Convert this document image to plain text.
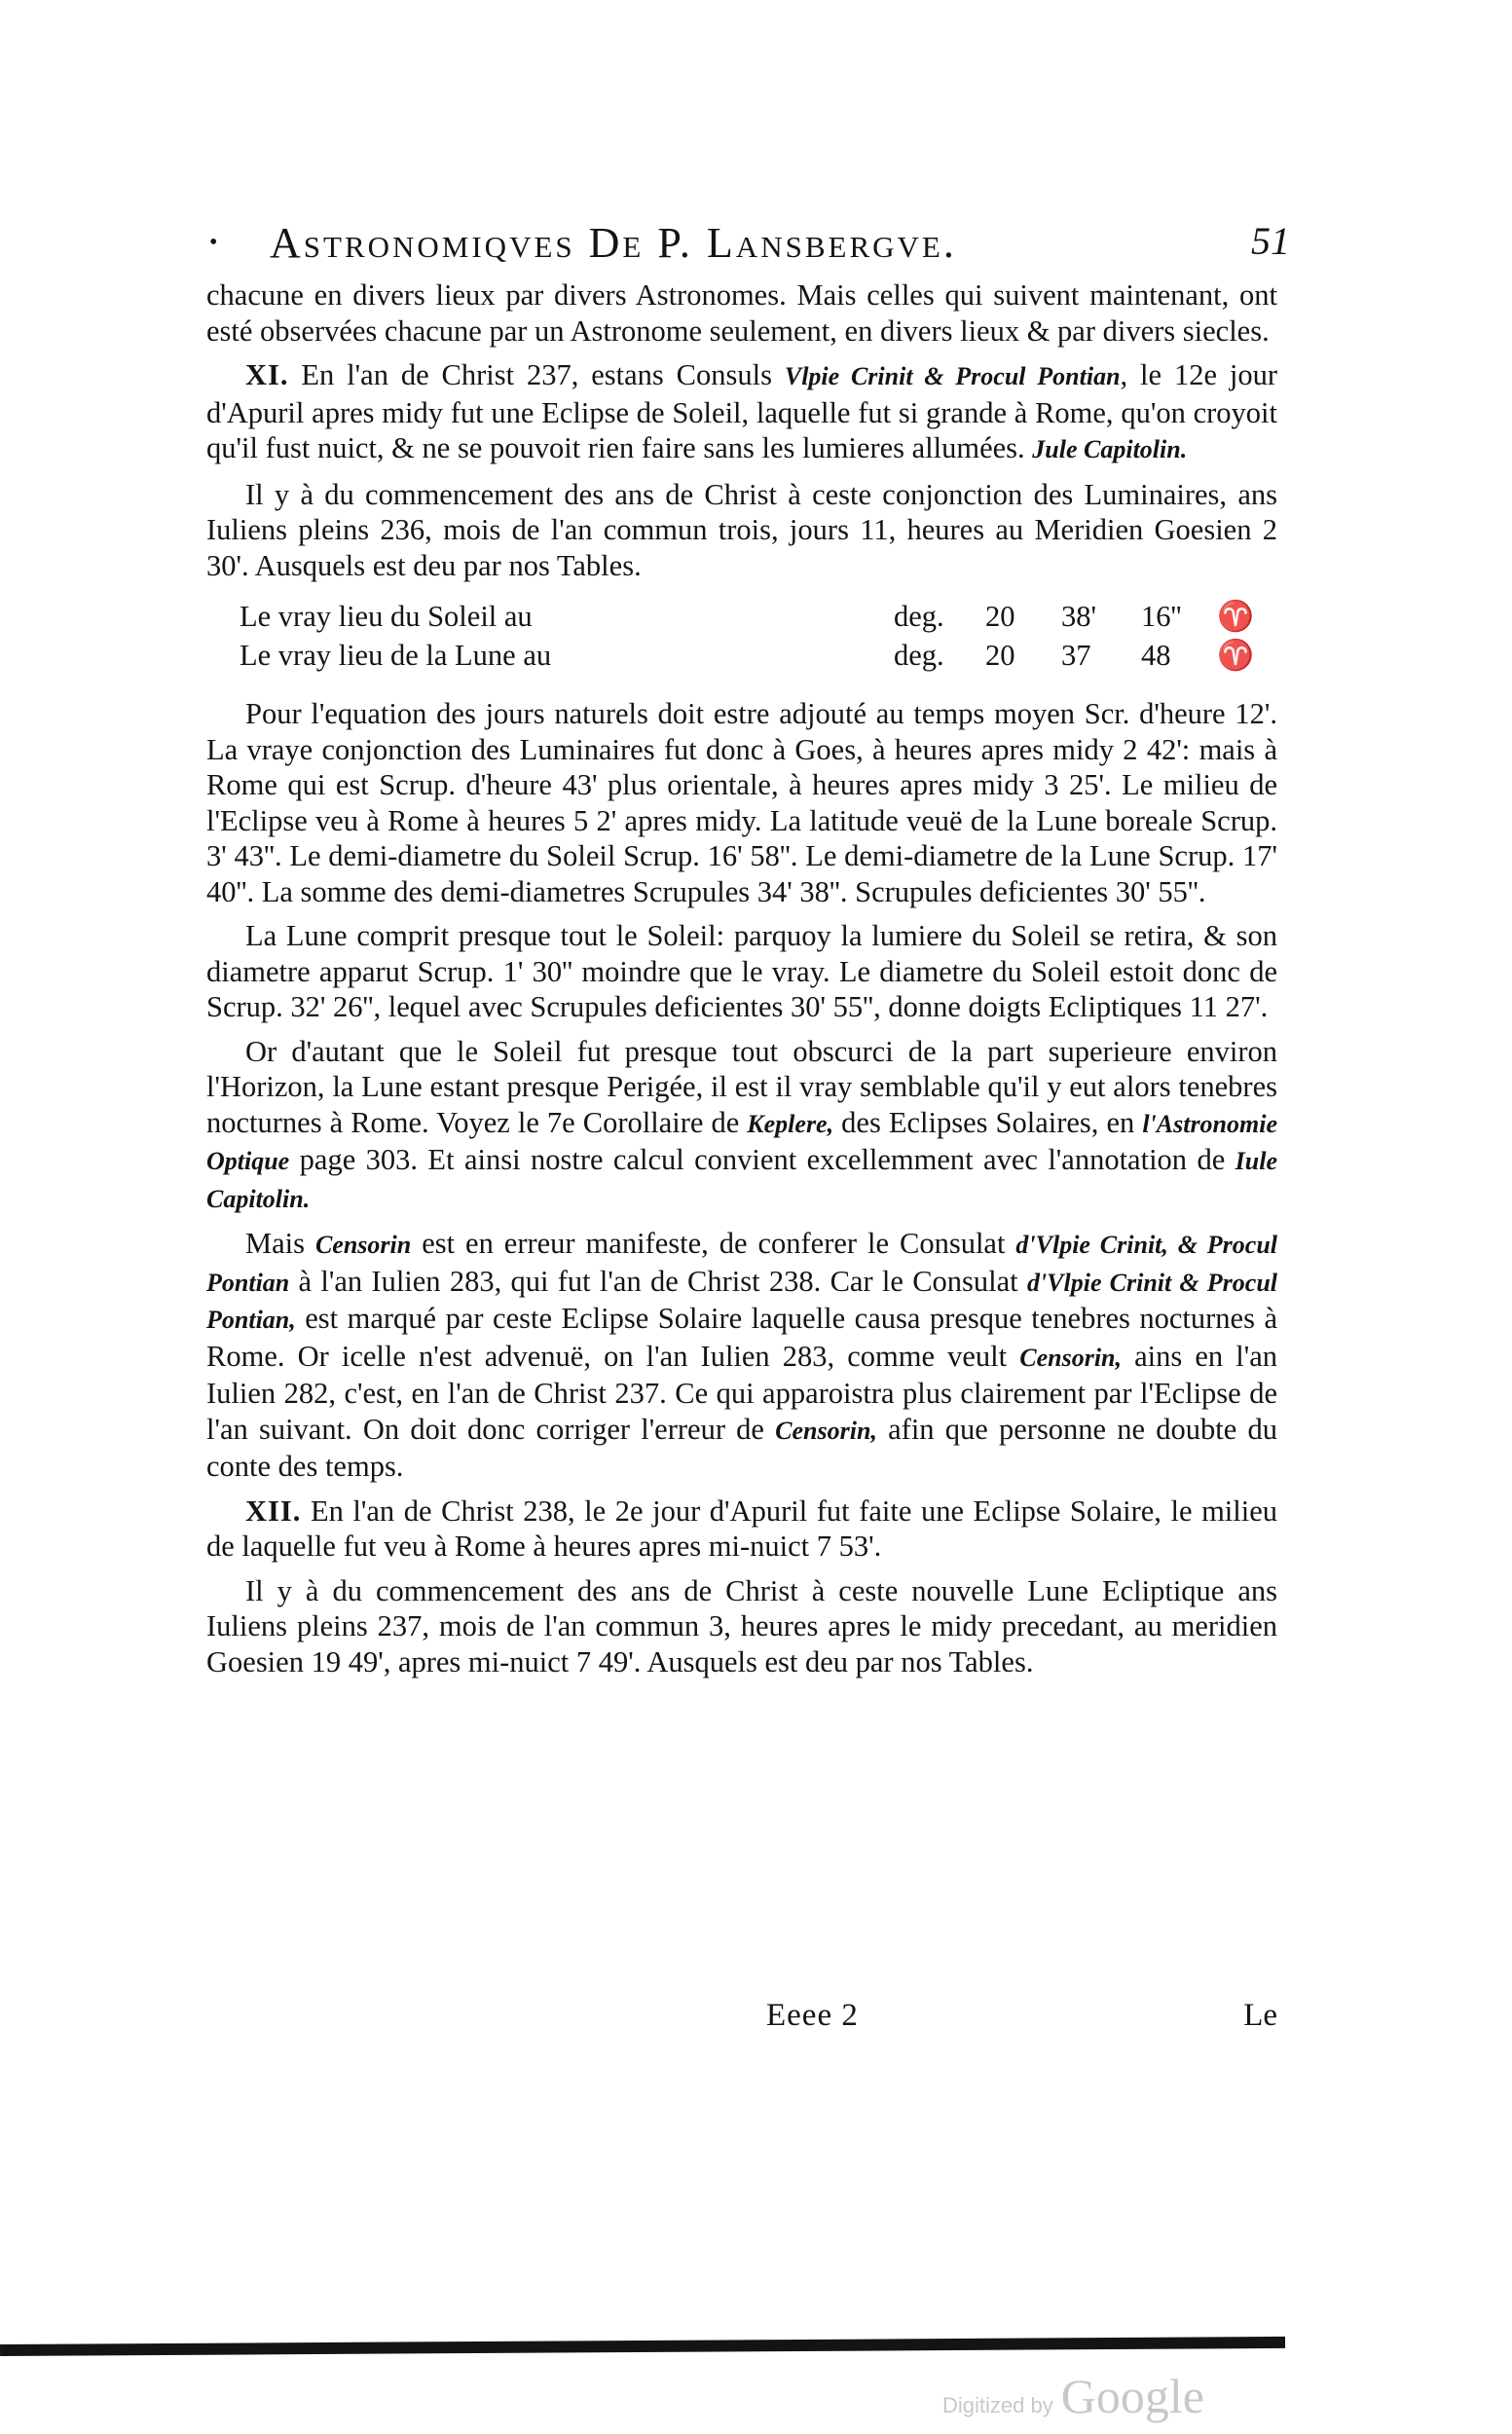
• Astronomiqves De P. Lansbergve.	51

chacune en divers lieux par divers Astronomes. Mais celles qui suivent maintenant, ont esté observées chacune par un Astronome seulement, en divers lieux & par divers siecles.

XI. En l'an de Christ 237, estans Consuls Vlpie Crinit & Procul Pontian, le 12e jour d'Apuril apres midy fut une Eclipse de Soleil, laquelle fut si grande à Rome, qu'on croyoit qu'il fust nuict, & ne se pouvoit rien faire sans les lumieres allumées. Jule Capitolin.

Il y à du commencement des ans de Christ à ceste conjonction des Luminaires, ans Iuliens pleins 236, mois de l'an commun trois, jours 11, heures au Meridien Goesien 2 30'. Ausquels est deu par nos Tables.

Le vray lieu du Soleil au	deg. 20 38' 16'' ♈
Le vray lieu de la Lune au	deg. 20 37 48 ♈

Pour l'equation des jours naturels doit estre adjouté au temps moyen Scr. d'heure 12'. La vraye conjonction des Luminaires fut donc à Goes, à heures apres midy 2 42': mais à Rome qui est Scrup. d'heure 43' plus orientale, à heures apres midy 3 25'. Le milieu de l'Eclipse veu à Rome à heures 5 2' apres midy. La latitude veuë de la Lune boreale Scrup. 3' 43''. Le demi-diametre du Soleil Scrup. 16' 58''. Le demi-diametre de la Lune Scrup. 17' 40''. La somme des demi-diametres Scrupules 34' 38''. Scrupules deficientes 30' 55''.

La Lune comprit presque tout le Soleil: parquoy la lumiere du Soleil se retira, & son diametre apparut Scrup. 1' 30'' moindre que le vray. Le diametre du Soleil estoit donc de Scrup. 32' 26'', lequel avec Scrupules deficientes 30' 55'', donne doigts Ecliptiques 11 27'.

Or d'autant que le Soleil fut presque tout obscurci de la part superieure environ l'Horizon, la Lune estant presque Perigée, il est il vray semblable qu'il y eut alors tenebres nocturnes à Rome. Voyez le 7e Corollaire de Keplere, des Eclipses Solaires, en l'Astronomie Optique page 303. Et ainsi nostre calcul convient excellemment avec l'annotation de Iule Capitolin.

Mais Censorin est en erreur manifeste, de conferer le Consulat d'Vlpie Crinit, & Procul Pontian à l'an Iulien 283, qui fut l'an de Christ 238. Car le Consulat d'Vlpie Crinit & Procul Pontian, est marqué par ceste Eclipse Solaire laquelle causa presque tenebres nocturnes à Rome. Or icelle n'est advenuë, on l'an Iulien 283, comme veult Censorin, ains en l'an Iulien 282, c'est, en l'an de Christ 237. Ce qui apparoistra plus clairement par l'Eclipse de l'an suivant. On doit donc corriger l'erreur de Censorin, afin que personne ne doubte du conte des temps.

XII. En l'an de Christ 238, le 2e jour d'Apuril fut faite une Eclipse Solaire, le milieu de laquelle fut veu à Rome à heures apres mi-nuict 7 53'.

Il y à du commencement des ans de Christ à ceste nouvelle Lune Ecliptique ans Iuliens pleins 237, mois de l'an commun 3, heures apres le midy precedant, au meridien Goesien 19 49', apres mi-nuict 7 49'. Ausquels est deu par nos Tables.

Eeee 2	Le
Digitized by Google
